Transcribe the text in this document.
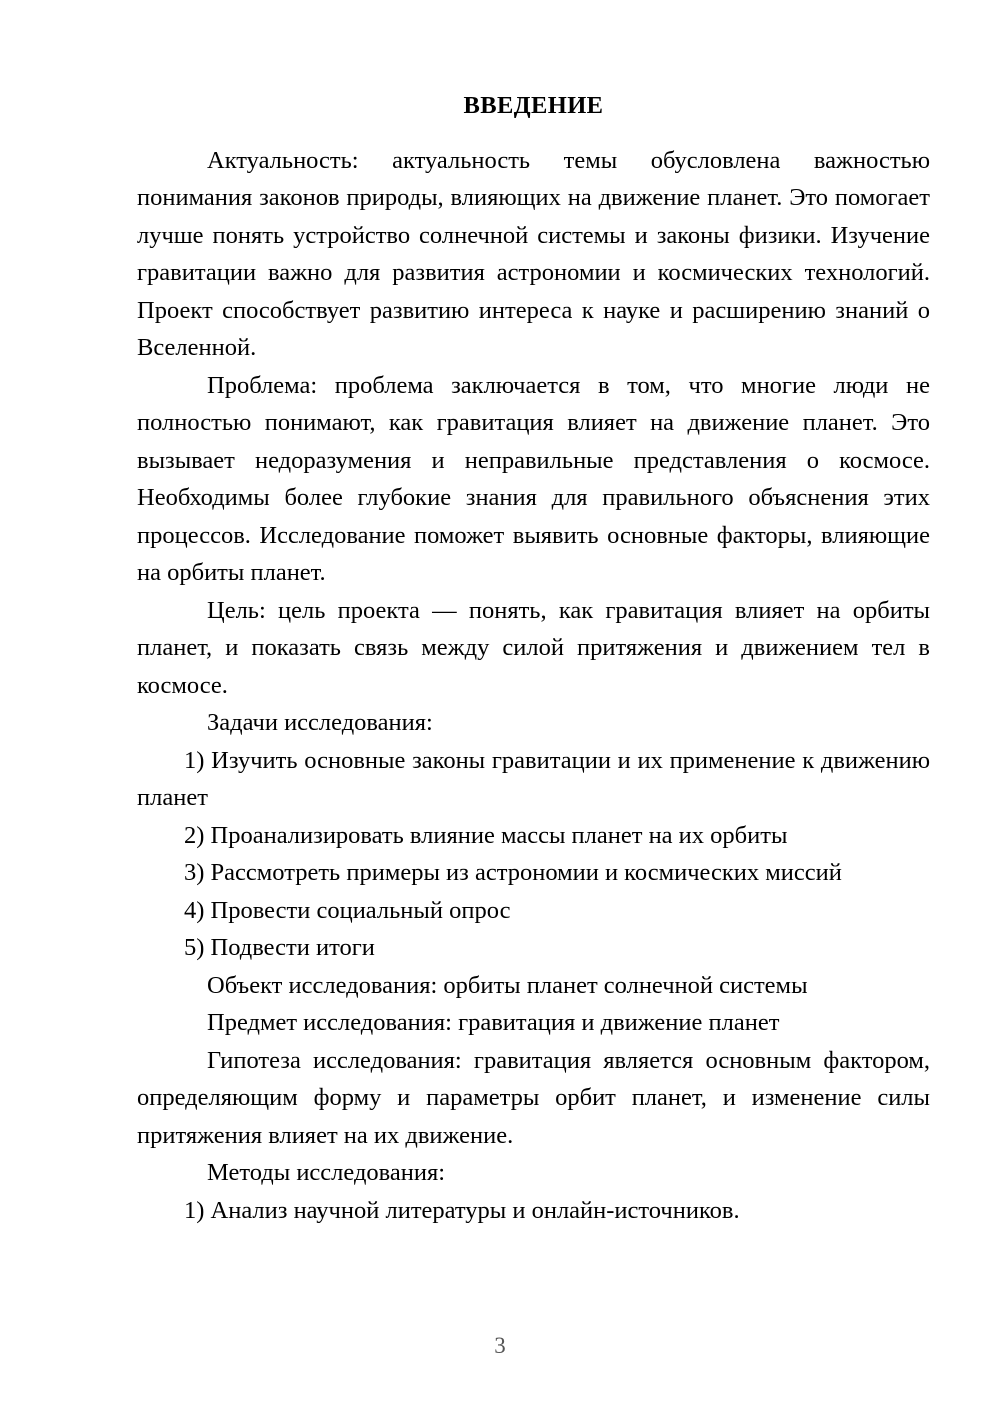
ВВЕДЕНИЕ

Актуальность: актуальность темы обусловлена важностью понимания законов природы, влияющих на движение планет. Это помогает лучше понять устройство солнечной системы и законы физики. Изучение гравитации важно для развития астрономии и космических технологий. Проект способствует развитию интереса к науке и расширению знаний о Вселенной.

Проблема: проблема заключается в том, что многие люди не полностью понимают, как гравитация влияет на движение планет. Это вызывает недоразумения и неправильные представления о космосе. Необходимы более глубокие знания для правильного объяснения этих процессов. Исследование поможет выявить основные факторы, влияющие на орбиты планет.

Цель: цель проекта — понять, как гравитация влияет на орбиты планет, и показать связь между силой притяжения и движением тел в космосе.

Задачи исследования:

1) Изучить основные законы гравитации и их применение к движению планет

2) Проанализировать влияние массы планет на их орбиты

3) Рассмотреть примеры из астрономии и космических миссий

4) Провести социальный опрос

5) Подвести итоги

Объект исследования: орбиты планет солнечной системы

Предмет исследования: гравитация и движение планет

Гипотеза исследования: гравитация является основным фактором, определяющим форму и параметры орбит планет, и изменение силы притяжения влияет на их движение.

Методы исследования:

1) Анализ научной литературы и онлайн-источников.

3
